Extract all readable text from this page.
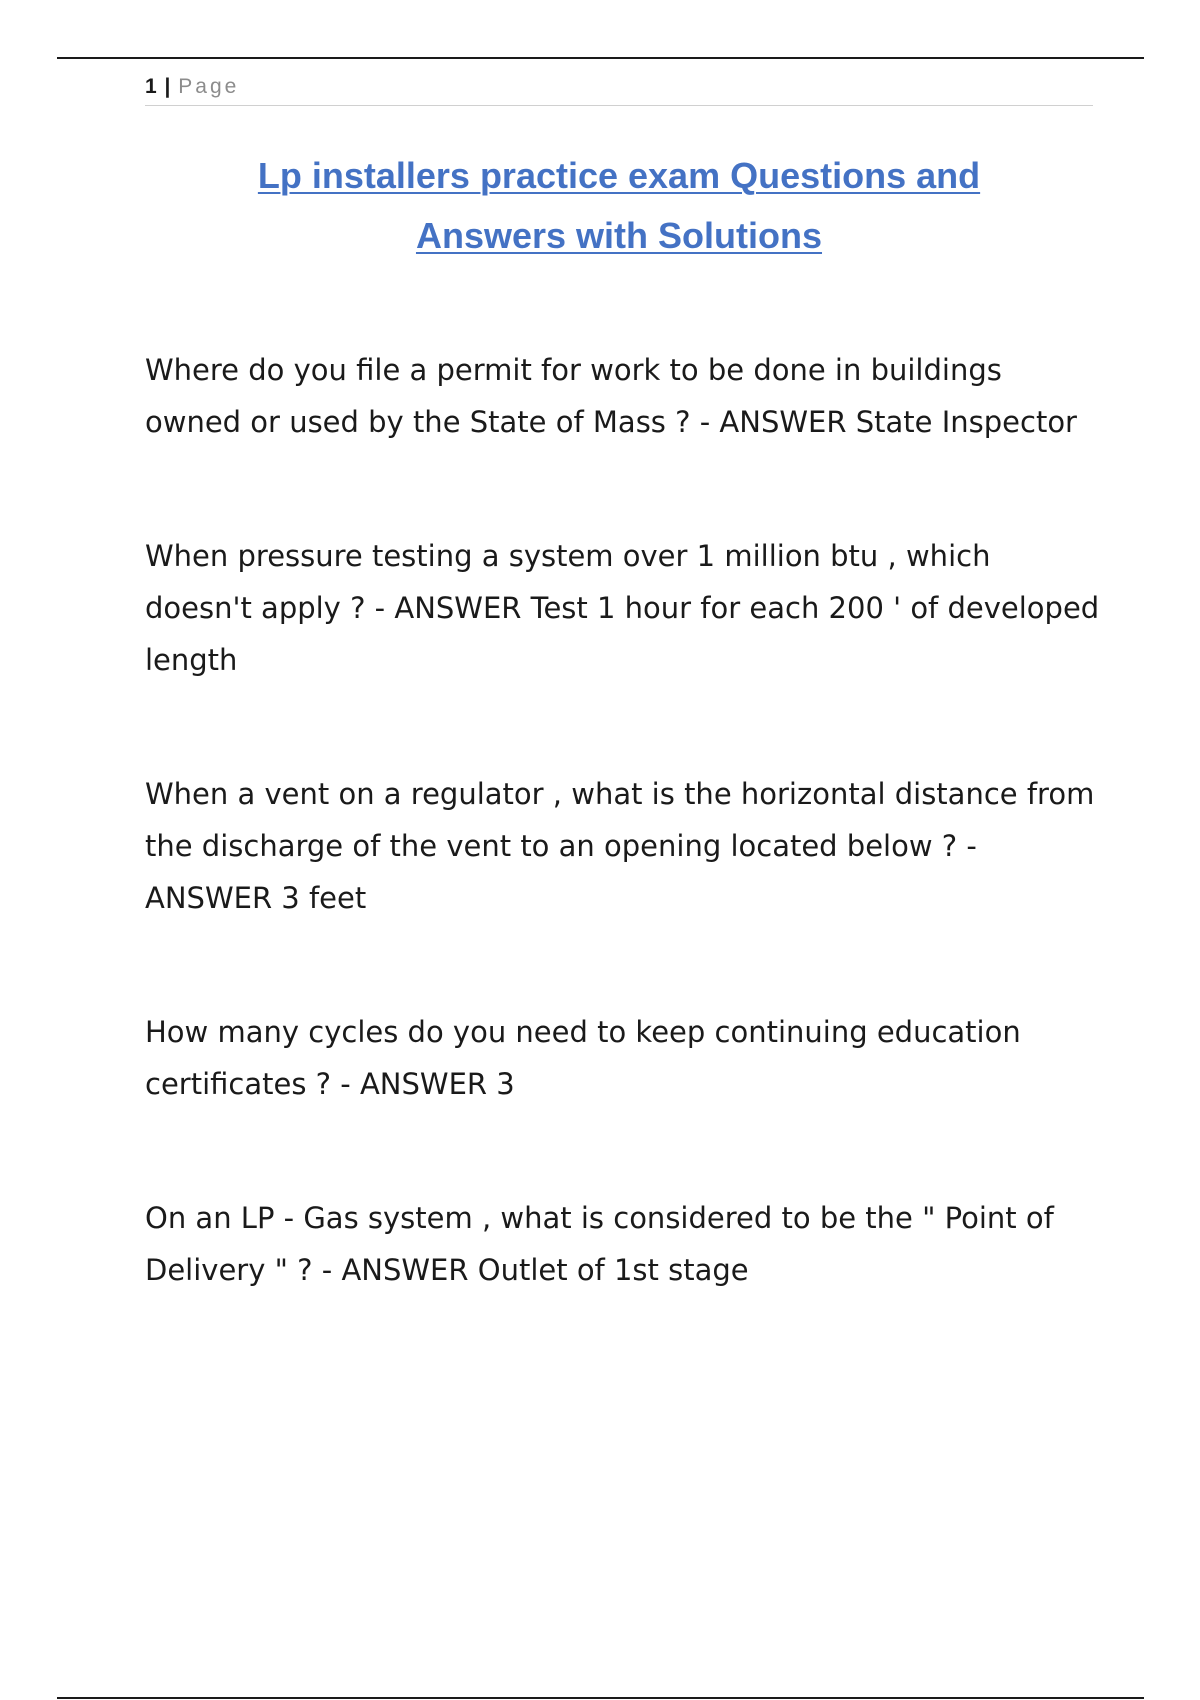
1 | Page
Lp installers practice exam Questions and
Answers with Solutions

Where do you file a permit for work to be done in buildings owned or used by the State of Mass ? - ANSWER State Inspector

When pressure testing a system over 1 million btu , which doesn't apply ? - ANSWER Test 1 hour for each 200 ' of developed length

When a vent on a regulator , what is the horizontal distance from the discharge of the vent to an opening located below ? - ANSWER 3 feet

How many cycles do you need to keep continuing education certificates ? - ANSWER 3

On an LP - Gas system , what is considered to be the " Point of Delivery " ? - ANSWER Outlet of 1st stage
